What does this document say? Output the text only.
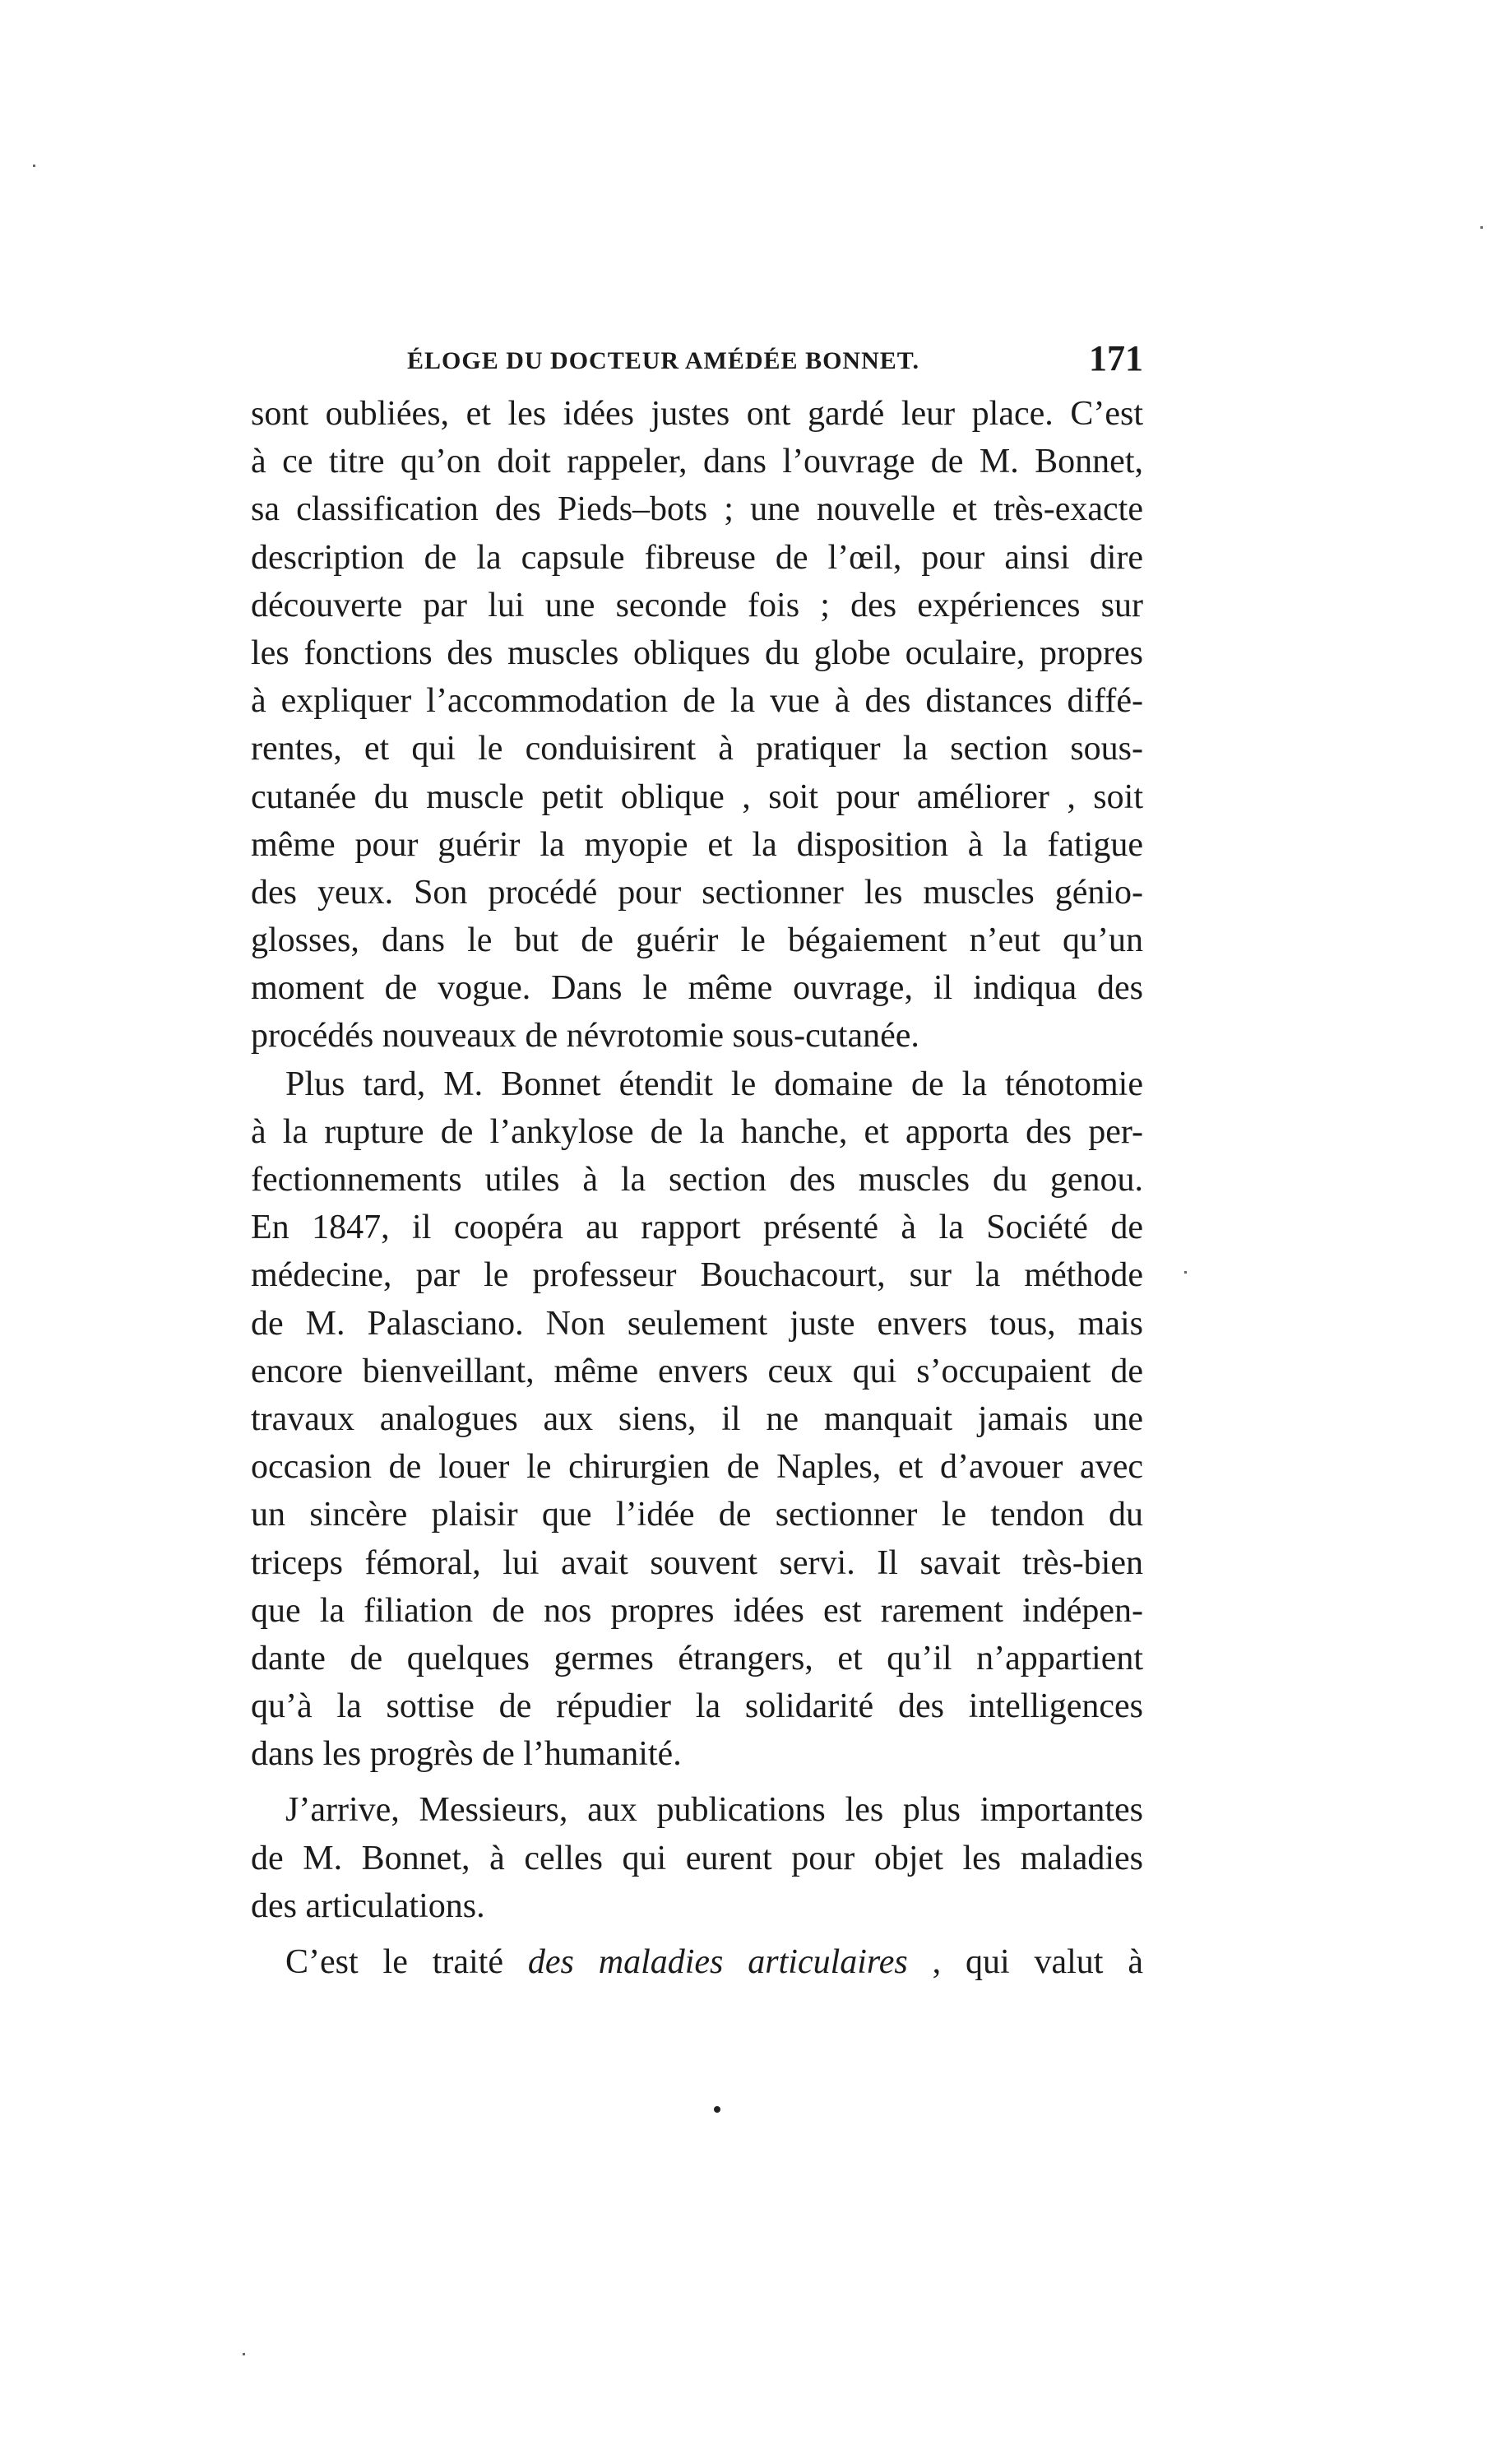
ÉLOGE DU DOCTEUR AMÉDÉE BONNET.	171
sont oubliées, et les idées justes ont gardé leur place. C’est
à ce titre qu’on doit rappeler, dans l’ouvrage de M. Bonnet,
sa classification des Pieds–bots ; une nouvelle et très-exacte
description de la capsule fibreuse de l’œil, pour ainsi dire
découverte par lui une seconde fois ; des expériences sur
les fonctions des muscles obliques du globe oculaire, propres
à expliquer l’accommodation de la vue à des distances diffé-
rentes, et qui le conduisirent à pratiquer la section sous-
cutanée du muscle petit oblique , soit pour améliorer , soit
même pour guérir la myopie et la disposition à la fatigue
des yeux. Son procédé pour sectionner les muscles génio-
glosses, dans le but de guérir le bégaiement n’eut qu’un
moment de vogue. Dans le même ouvrage, il indiqua des
procédés nouveaux de névrotomie sous-cutanée.
Plus tard, M. Bonnet étendit le domaine de la ténotomie
à la rupture de l’ankylose de la hanche, et apporta des per-
fectionnements utiles à la section des muscles du genou.
En 1847, il coopéra au rapport présenté à la Société de
médecine, par le professeur Bouchacourt, sur la méthode
de M. Palasciano. Non seulement juste envers tous, mais
encore bienveillant, même envers ceux qui s’occupaient de
travaux analogues aux siens, il ne manquait jamais une
occasion de louer le chirurgien de Naples, et d’avouer avec
un sincère plaisir que l’idée de sectionner le tendon du
triceps fémoral, lui avait souvent servi. Il savait très-bien
que la filiation de nos propres idées est rarement indépen-
dante de quelques germes étrangers, et qu’il n’appartient
qu’à la sottise de répudier la solidarité des intelligences
dans les progrès de l’humanité.
J’arrive, Messieurs, aux publications les plus importantes
de M. Bonnet, à celles qui eurent pour objet les maladies
des articulations.
C’est le traité des maladies articulaires , qui valut à
